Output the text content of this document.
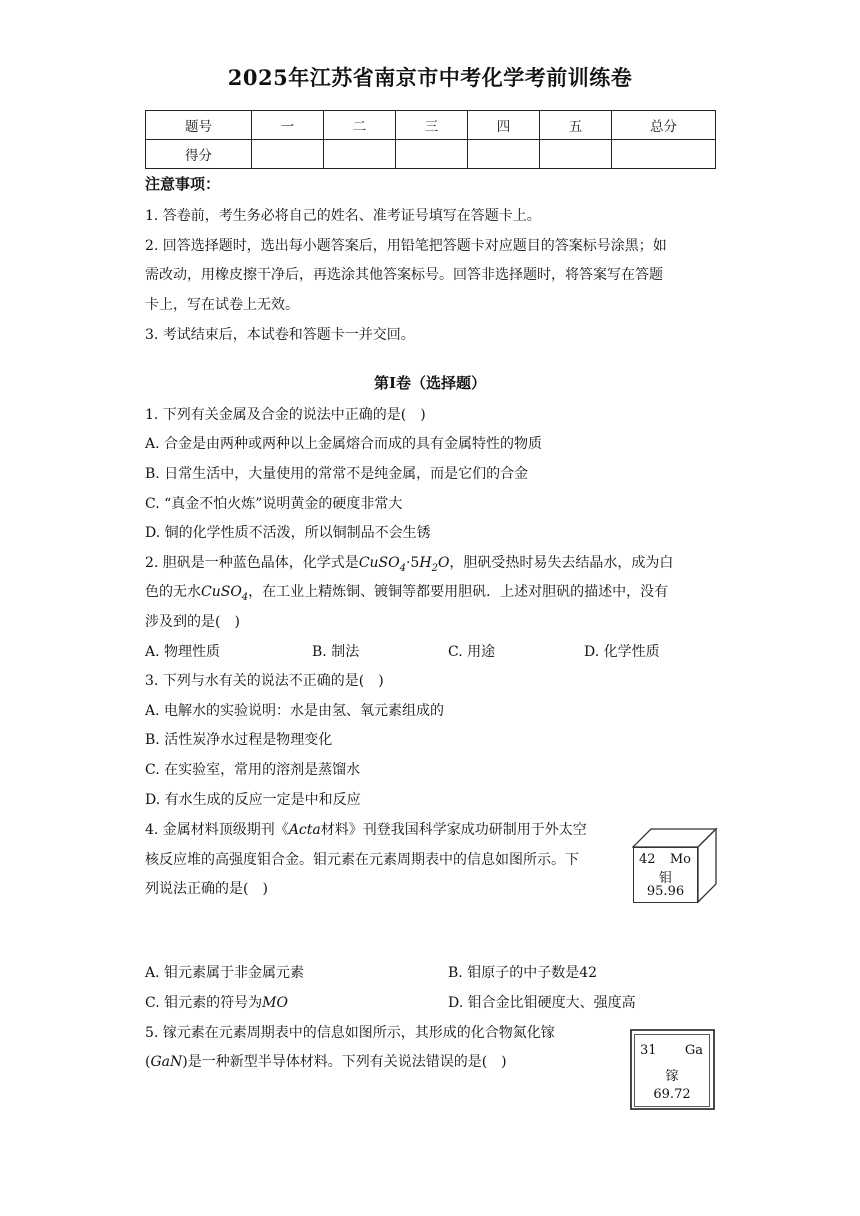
2025年江苏省南京市中考化学考前训练卷
题号	一	二	三	四	五	总分
得分						
注意事项：
1. 答卷前，考生务必将自己的姓名、准考证号填写在答题卡上。
2. 回答选择题时，选出每小题答案后，用铅笔把答题卡对应题目的答案标号涂黑；如
需改动，用橡皮擦干净后，再选涂其他答案标号。回答非选择题时，将答案写在答题
卡上，写在试卷上无效。
3. 考试结束后，本试卷和答题卡一并交回。
第Ⅰ卷（选择题）
1. 下列有关金属及合金的说法中正确的是(　)
A. 合金是由两种或两种以上金属熔合而成的具有金属特性的物质
B. 日常生活中，大量使用的常常不是纯金属，而是它们的合金
C. “真金不怕火炼”说明黄金的硬度非常大
D. 铜的化学性质不活泼，所以铜制品不会生锈
2. 胆矾是一种蓝色晶体，化学式是$CuSO_4\cdot 5H_2O$，胆矾受热时易失去结晶水，成为白
色的无水CuSO$_4$，在工业上精炼铜、镀铜等都要用胆矾．上述对胆矾的描述中，没有
涉及到的是(　)
A. 物理性质	B. 制法	C. 用途	D. 化学性质
3. 下列与水有关的说法不正确的是(　)
A. 电解水的实验说明：水是由氢、氧元素组成的
B. 活性炭净水过程是物理变化
C. 在实验室，常用的溶剂是蒸馏水
D. 有水生成的反应一定是中和反应
4. 金属材料顶级期刊《Acta材料》刊登我国科学家成功研制用于外太空
核反应堆的高强度钼合金。钼元素在元素周期表中的信息如图所示。下
列说法正确的是(　)
42 Mo
钼
95.96
A. 钼元素属于非金属元素	B. 钼原子的中子数是42
C. 钼元素的符号为MO	D. 钼合金比钼硬度大、强度高
5. 镓元素在元素周期表中的信息如图所示，其形成的化合物氮化镓
(GaN)是一种新型半导体材料。下列有关说法错误的是(　)
31 Ga
镓
69.72
